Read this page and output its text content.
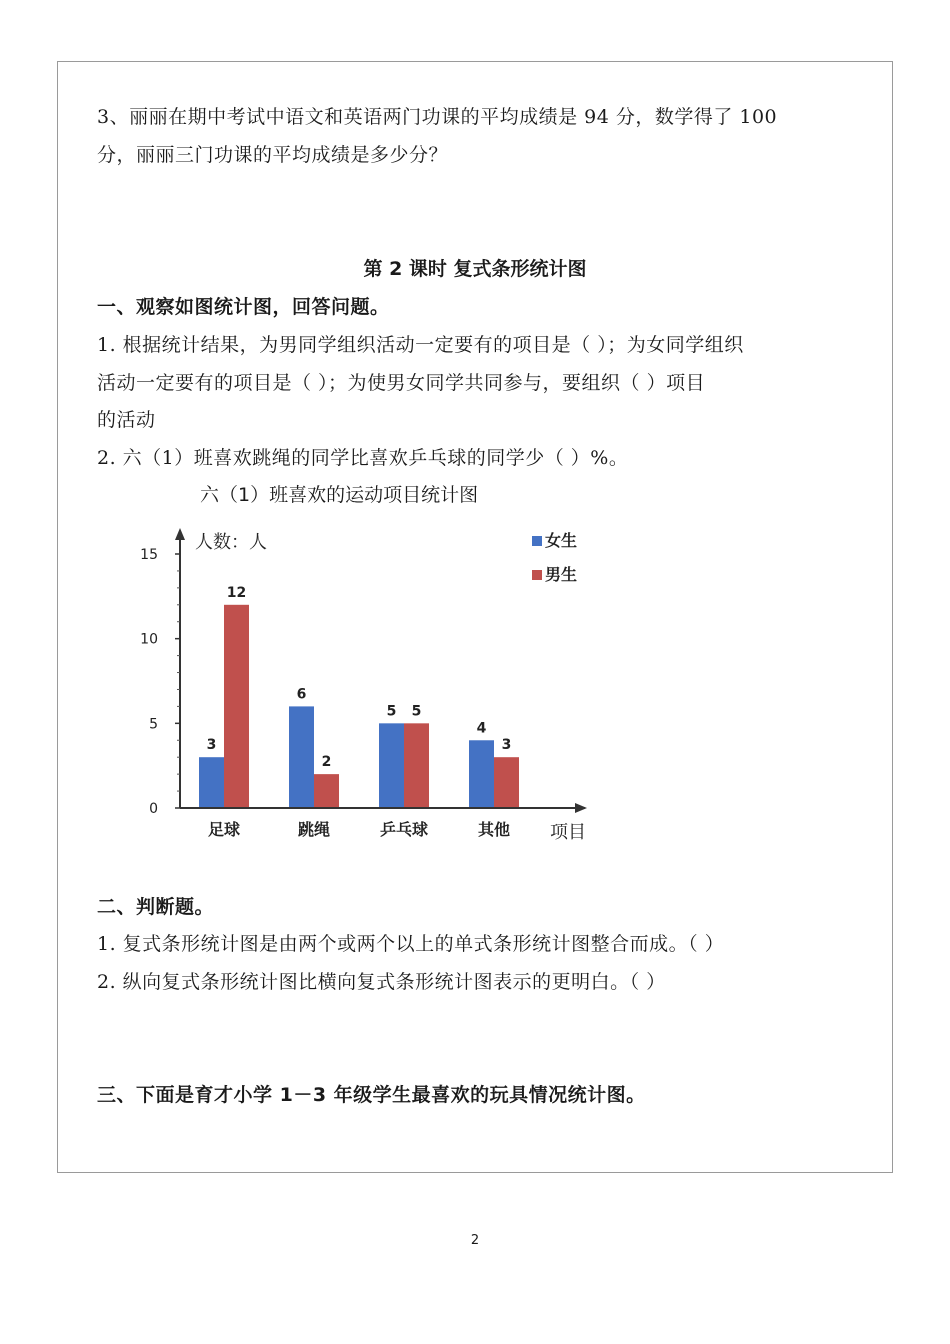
3、丽丽在期中考试中语文和英语两门功课的平均成绩是 94 分，数学得了 100
分，丽丽三门功课的平均成绩是多少分？
第 2 课时 复式条形统计图
一、观察如图统计图，回答问题。
1. 根据统计结果，为男同学组织活动一定要有的项目是（ ）；为女同学组织
活动一定要有的项目是（ ）；为使男女同学共同参与，要组织（ ）项目
的活动
2. 六（1）班喜欢跳绳的同学比喜欢乒乓球的同学少（ ）%。
六（1）班喜欢的运动项目统计图
3
12
足球
6
2
跳绳
5 5
乒乓球
4
3
其他
0
5
10
15
人数：人
项目
女生
男生
二、判断题。
1. 复式条形统计图是由两个或两个以上的单式条形统计图整合而成。（ ）
2. 纵向复式条形统计图比横向复式条形统计图表示的更明白。（ ）
三、下面是育才小学 1－3 年级学生最喜欢的玩具情况统计图。
2
